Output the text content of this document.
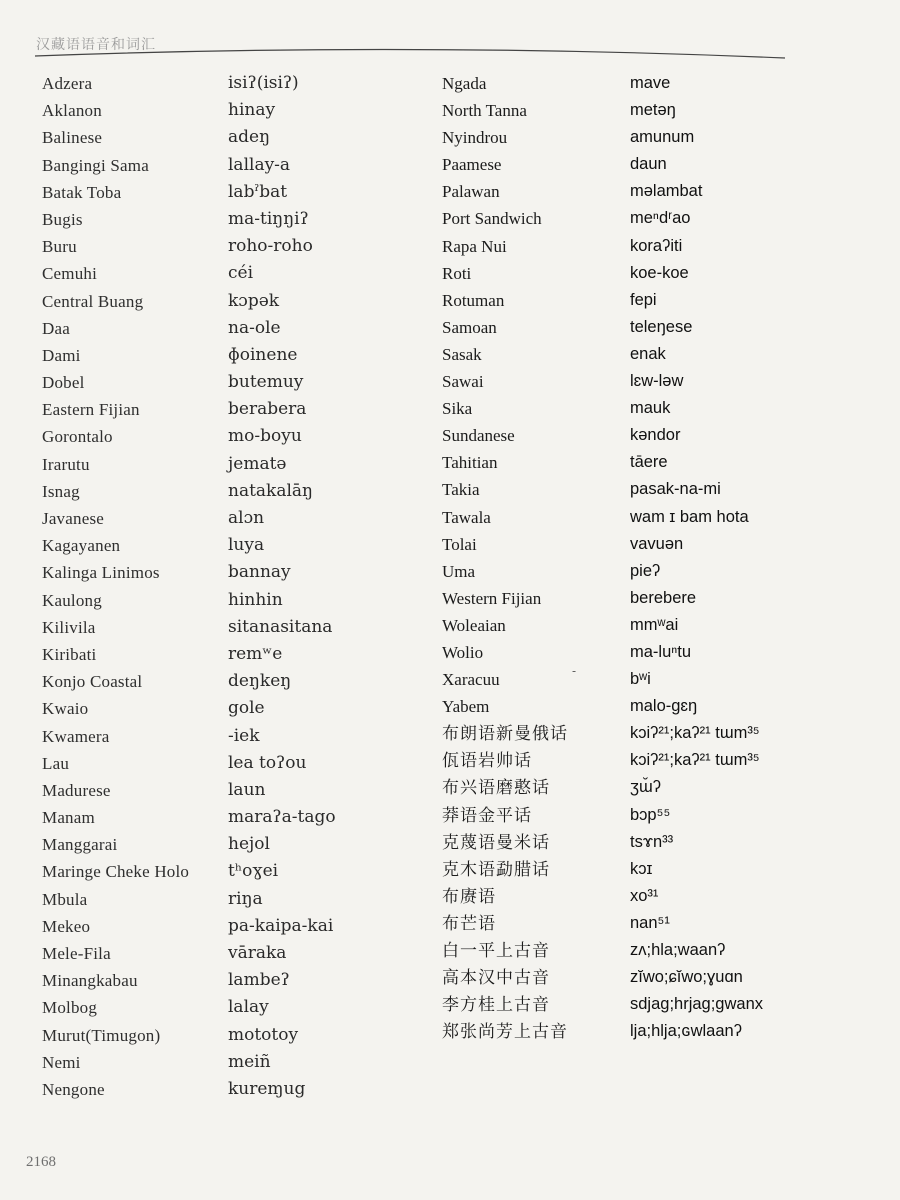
汉藏语语音和词汇
Adzera
Aklanon
Balinese
Bangingi Sama
Batak Toba
Bugis
Buru
Cemuhi
Central Buang
Daa
Dami
Dobel
Eastern Fijian
Gorontalo
Irarutu
Isnag
Javanese
Kagayanen
Kalinga Linimos
Kaulong
Kilivila
Kiribati
Konjo Coastal
Kwaio
Kwamera
Lau
Madurese
Manam
Manggarai
Maringe Cheke Holo
Mbula
Mekeo
Mele-Fila
Minangkabau
Molbog
Murut(Timugon)
Nemi
Nengone
isiʔ(isiʔ)
hinay
adeŋ
lallay-a
labˀbat
ma-tiŋŋiʔ
roho-roho
céi
kɔpək
na-ole
ɸoinene
butemuy
berabera
mo-boyu
jematə
natakalāŋ
alɔn
luya
bannay
hinhin
sitanasitana
remʷe
deŋkeŋ
gole
-iek
lea toʔou
laun
maraʔa-tago
hejol
tʰoɣei
riŋa
pa-kaipa-kai
vāraka
lambeʔ
lalay
mototoy
meiñ
kureɱug
Ngada
North Tanna
Nyindrou
Paamese
Palawan
Port Sandwich
Rapa Nui
Roti
Rotuman
Samoan
Sasak
Sawai
Sika
Sundanese
Tahitian
Takia
Tawala
Tolai
Uma
Western Fijian
Woleaian
Wolio
Xaracuu
Yabem
布朗语新曼俄话
佤语岩帅话
布兴语磨憨话
莽语金平话
克蔑语曼米话
克木语勐腊话
布赓语
布芒语
白一平上古音
高本汉中古音
李方桂上古音
郑张尚芳上古音
mave
metəŋ
amunum
daun
məlambat
meⁿdʳao
koraʔiti
koe-koe
fepi
teleŋese
enak
lɛw-ləw
mauk
kəndor
tāere
pasak-na-mi
wam ɪ bam hota
vavuən
pieʔ
berebere
mmʷai
ma-luⁿtu
bʷi
malo-gɛŋ
kɔiʔ²¹;kaʔ²¹ tɯm³⁵
kɔiʔ²¹;kaʔ²¹ tɯm³⁵
ʒɯ̆ʔ
bɔp⁵⁵
tsɤn³³
kɔɪ
xo³¹
nan⁵¹
zʌ;hla;waanʔ
zĭwo;ɕĭwo;ɣuɑn
sdjag;hrjag;gwanx
lja;hlja;ɢwlaanʔ
-
2168
